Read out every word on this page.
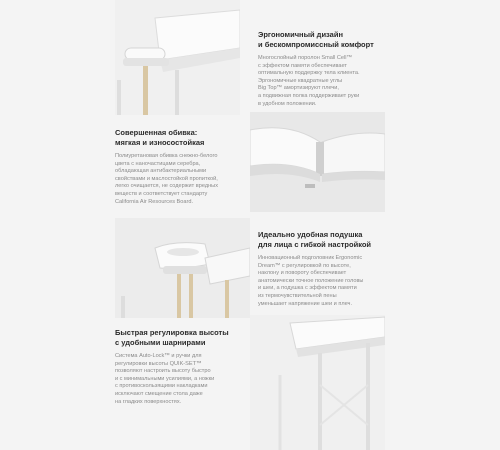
Эргономичный дизайн
и бескомпромиссный комфорт
Многослойный поролон Small Cell™
с эффектом памяти обеспечивает
оптимальную поддержку тела клиента.
Эргономичные квадратные углы
Big Top™ амортизируют плечи,
а подвижная полка поддерживает руки
в удобном положении.
Совершенная обивка:
мягкая и износостойкая
Полиуретановая обивка снежно-белого
цвета с наночастицами серебра,
обладающая антибактериальными
свойствами и маслостойкой пропиткой,
легко очищается, не содержит вредных
веществ и соответствует стандарту
California Air Resources Board.
Идеально удобная подушка
для лица с гибкой настройкой
Инновационный подголовник Ergonomic
Dream™ с регулировкой по высоте,
наклону и повороту обеспечивает
анатомически точное положение головы
и шеи, а подушка с эффектом памяти
из термочувствительной пены
уменьшает напряжение шеи и плеч.
Быстрая регулировка высоты
с удобными шарнирами
Система Auto-Lock™ и ручки для
регулировки высоты QUIK-SET™
позволяют настроить высоту быстро
и с минимальными усилиями, а ножки
с противоскользящими накладками
исключают смещение стола даже
на гладких поверхностях.
